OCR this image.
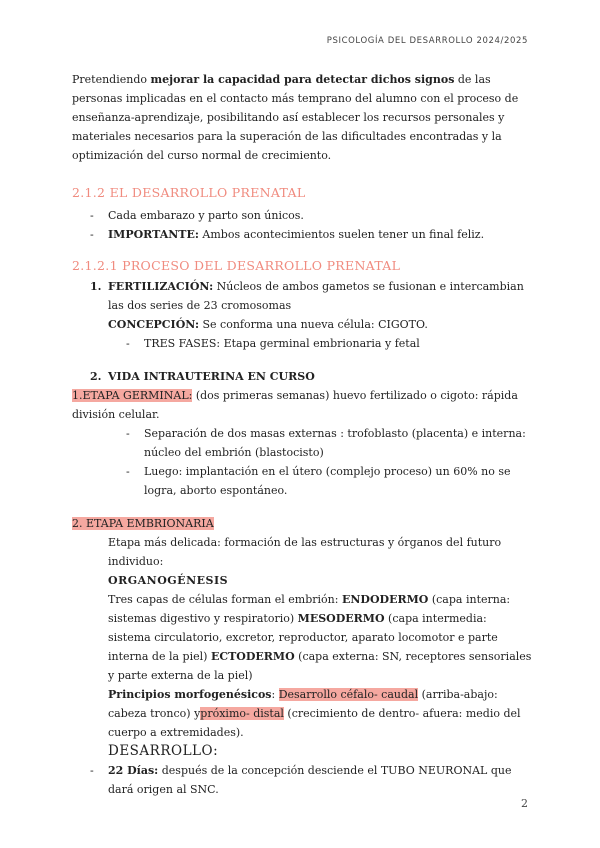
PSICOLOGÍA DEL DESARROLLO 2024/2025

Pretendiendo mejorar la capacidad para detectar dichos signos de las personas implicadas en el contacto más temprano del alumno con el proceso de enseñanza-aprendizaje, posibilitando así establecer los recursos personales y materiales necesarios para la superación de las dificultades encontradas y la optimización del curso normal de crecimiento.

2.1.2 EL DESARROLLO PRENATAL
- Cada embarazo y parto son únicos.
- IMPORTANTE: Ambos acontecimientos suelen tener un final feliz.
2.1.2.1 PROCESO DEL DESARROLLO PRENATAL
1. FERTILIZACIÓN: Núcleos de ambos gametos se fusionan e intercambian las dos series de 23 cromosomas
CONCEPCIÓN: Se conforma una nueva célula: CIGOTO.
- TRES FASES: Etapa germinal embrionaria y fetal
2. VIDA INTRAUTERINA EN CURSO

1.ETAPA GERMINAL: (dos primeras semanas) huevo fertilizado o cigoto: rápida división celular.

- Separación de dos masas externas : trofoblasto (placenta) e interna: núcleo del embrión (blastocisto)
- Luego: implantación en el útero (complejo proceso) un 60% no se logra, aborto espontáneo.

2. ETAPA EMBRIONARIA

Etapa más delicada: formación de las estructuras y órganos del futuro individuo:

ORGANOGÉNESIS

Tres capas de células forman el embrión: ENDODERMO (capa interna: sistemas digestivo y respiratorio) MESODERMO (capa intermedia: sistema circulatorio, excretor, reproductor, aparato locomotor e parte interna de la piel) ECTODERMO (capa externa: SN, receptores sensoriales y parte externa de la piel)

Principios morfogenésicos: Desarrollo céfalo- caudal (arriba-abajo: cabeza tronco) ypróximo- distal (crecimiento de dentro- afuera: medio del cuerpo a extremidades).

DESARROLLO:

- 22 Días: después de la concepción desciende el TUBO NEURONAL que dará origen al SNC.
2
